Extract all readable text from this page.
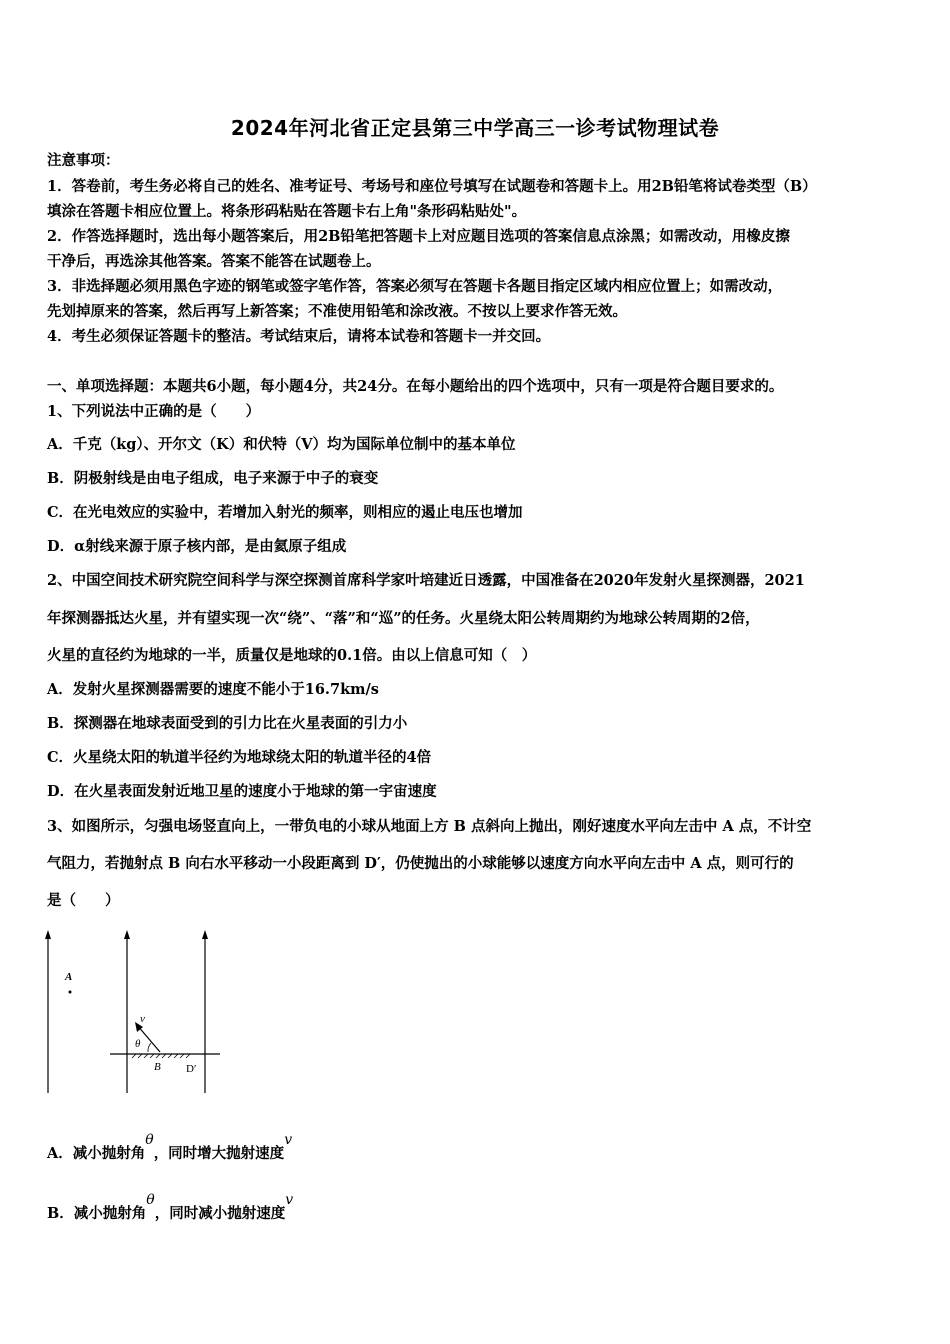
2024年河北省正定县第三中学高三一诊考试物理试卷
注意事项：
1．答卷前，考生务必将自己的姓名、准考证号、考场号和座位号填写在试题卷和答题卡上。用2B铅笔将试卷类型（B）
填涂在答题卡相应位置上。将条形码粘贴在答题卡右上角"条形码粘贴处"。
2．作答选择题时，选出每小题答案后，用2B铅笔把答题卡上对应题目选项的答案信息点涂黑；如需改动，用橡皮擦
干净后，再选涂其他答案。答案不能答在试题卷上。
3．非选择题必须用黑色字迹的钢笔或签字笔作答，答案必须写在答题卡各题目指定区域内相应位置上；如需改动，
先划掉原来的答案，然后再写上新答案；不准使用铅笔和涂改液。不按以上要求作答无效。
4．考生必须保证答题卡的整洁。考试结束后，请将本试卷和答题卡一并交回。
一、单项选择题：本题共6小题，每小题4分，共24分。在每小题给出的四个选项中，只有一项是符合题目要求的。
1、下列说法中正确的是（　　）
A．千克（kg）、开尔文（K）和伏特（V）均为国际单位制中的基本单位
B．阴极射线是由电子组成，电子来源于中子的衰变
C．在光电效应的实验中，若增加入射光的频率，则相应的遏止电压也增加
D．α射线来源于原子核内部，是由氦原子组成
2、中国空间技术研究院空间科学与深空探测首席科学家叶培建近日透露，中国准备在2020年发射火星探测器，2021
年探测器抵达火星，并有望实现一次“绕”、“落”和“巡”的任务。火星绕太阳公转周期约为地球公转周期的2倍，
火星的直径约为地球的一半，质量仅是地球的0.1倍。由以上信息可知（　）
A．发射火星探测器需要的速度不能小于16.7km/s
B．探测器在地球表面受到的引力比在火星表面的引力小
C．火星绕太阳的轨道半径约为地球绕太阳的轨道半径的4倍
D．在火星表面发射近地卫星的速度小于地球的第一宇宙速度
3、如图所示，匀强电场竖直向上，一带负电的小球从地面上方 B 点斜向上抛出，刚好速度水平向左击中 A 点，不计空
气阻力，若抛射点 B 向右水平移动一小段距离到 D′，仍使抛出的小球能够以速度方向水平向左击中 A 点，则可行的
是（　　）
A
v
θ
B D′
A．减小抛射角θ，同时增大抛射速度v
B．减小抛射角θ，同时减小抛射速度v
